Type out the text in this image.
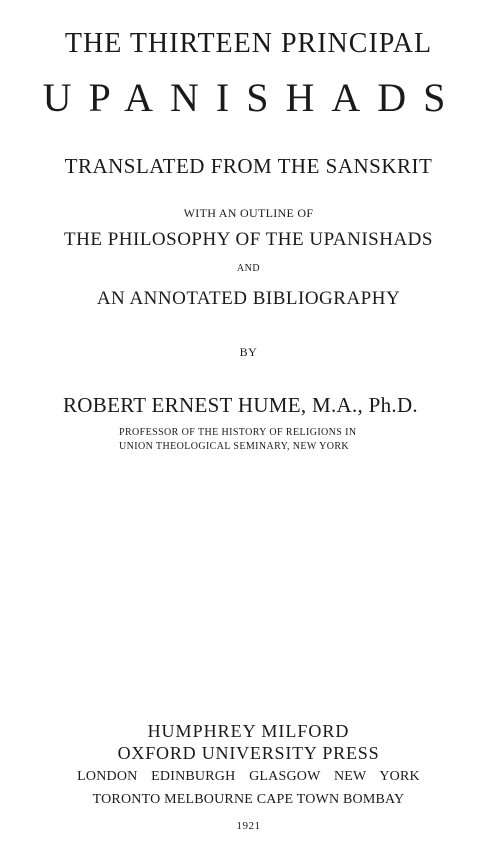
THE THIRTEEN PRINCIPAL
UPANISHADS
TRANSLATED FROM THE SANSKRIT
WITH AN OUTLINE OF
THE PHILOSOPHY OF THE UPANISHADS
AND
AN ANNOTATED BIBLIOGRAPHY
BY
ROBERT ERNEST HUME, M.A., Ph.D.
PROFESSOR OF THE HISTORY OF RELIGIONS IN
UNION THEOLOGICAL SEMINARY, NEW YORK
HUMPHREY MILFORD
OXFORD UNIVERSITY PRESS
LONDON EDINBURGH GLASGOW NEW YORK
TORONTO MELBOURNE CAPE TOWN BOMBAY
1921
